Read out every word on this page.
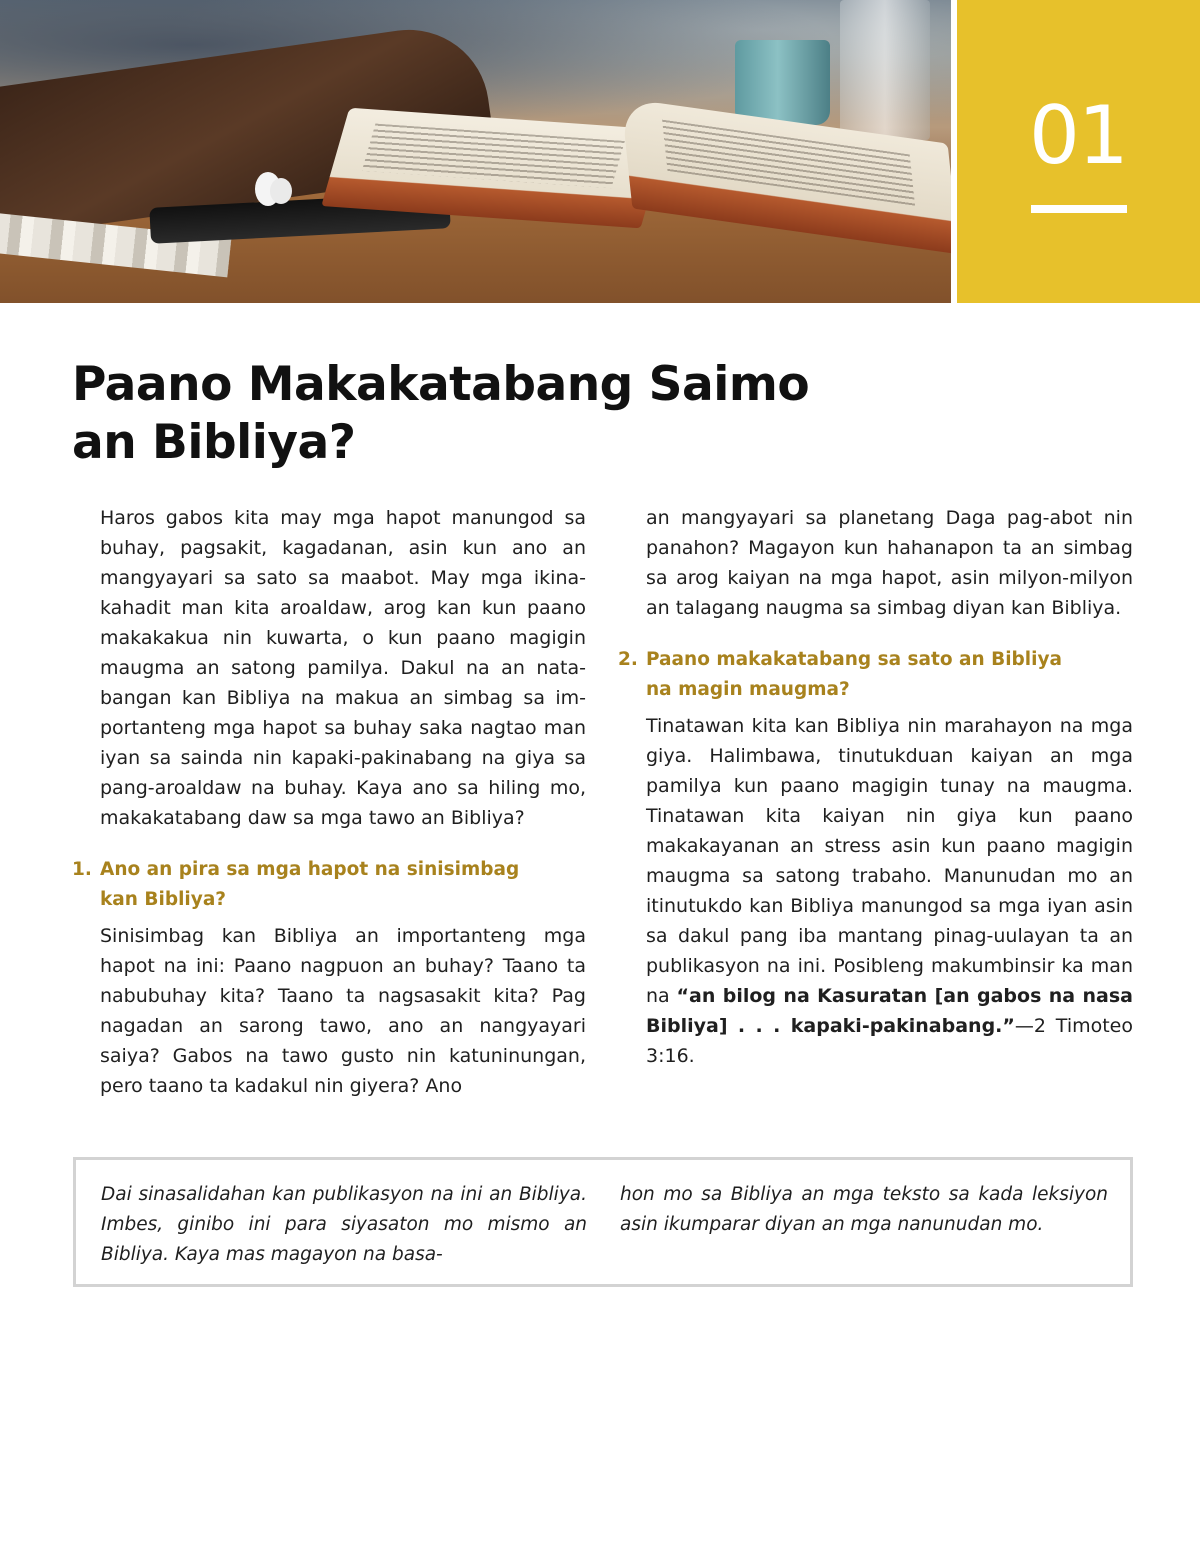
01
Paano Makakatabang Saimo
an Bibliya?

Haros gabos kita may mga hapot manungod sa buhay, pagsakit, kagadanan, asin kun ano an mangyayari sa sato sa maabot. May mga ikinakahadit man kita aroaldaw, arog kan kun paano makakakua nin kuwarta, o kun paano magigin maugma an satong pamilya. Dakul na an natabangan kan Bibliya na makua an simbag sa importanteng mga hapot sa buhay saka nagtao man iyan sa sainda nin kapaki-pakinabang na giya sa pang-aroaldaw na buhay. Kaya ano sa hiling mo, makakatabang daw sa mga tawo an Bibliya?

1. Ano an pira sa mga hapot na sinisimbag
kan Bibliya?

Sinisimbag kan Bibliya an importanteng mga hapot na ini: Paano nagpuon an buhay? Taano ta nabubuhay kita? Taano ta nagsasakit kita? Pag nagadan an sarong tawo, ano an nangyayari saiya? Gabos na tawo gusto nin katuninungan, pero taano ta kadakul nin giyera? Ano

an mangyayari sa planetang Daga pag-abot nin panahon? Magayon kun hahanapon ta an simbag sa arog kaiyan na mga hapot, asin milyon-milyon an talagang naugma sa simbag diyan kan Bibliya.

2. Paano makakatabang sa sato an Bibliya
na magin maugma?

Tinatawan kita kan Bibliya nin marahayon na mga giya. Halimbawa, tinutukduan kaiyan an mga pamilya kun paano magigin tunay na maugma. Tinatawan kita kaiyan nin giya kun paano makakayanan an stress asin kun paano magigin maugma sa satong trabaho. Manunudan mo an itinutukdo kan Bibliya manungod sa mga iyan asin sa dakul pang iba mantang pinag-uulayan ta an publikasyon na ini. Posibleng makumbinsir ka man na “an bilog na Kasuratan [an gabos na nasa Bibliya] . . . kapaki-pakinabang.”—2 Timoteo 3:16.

Dai sinasalidahan kan publikasyon na ini an Bibliya. Imbes, ginibo ini para siyasaton mo mismo an Bibliya. Kaya mas magayon na basa-

hon mo sa Bibliya an mga teksto sa kada leksiyon asin ikumparar diyan an mga nanunudan mo.
